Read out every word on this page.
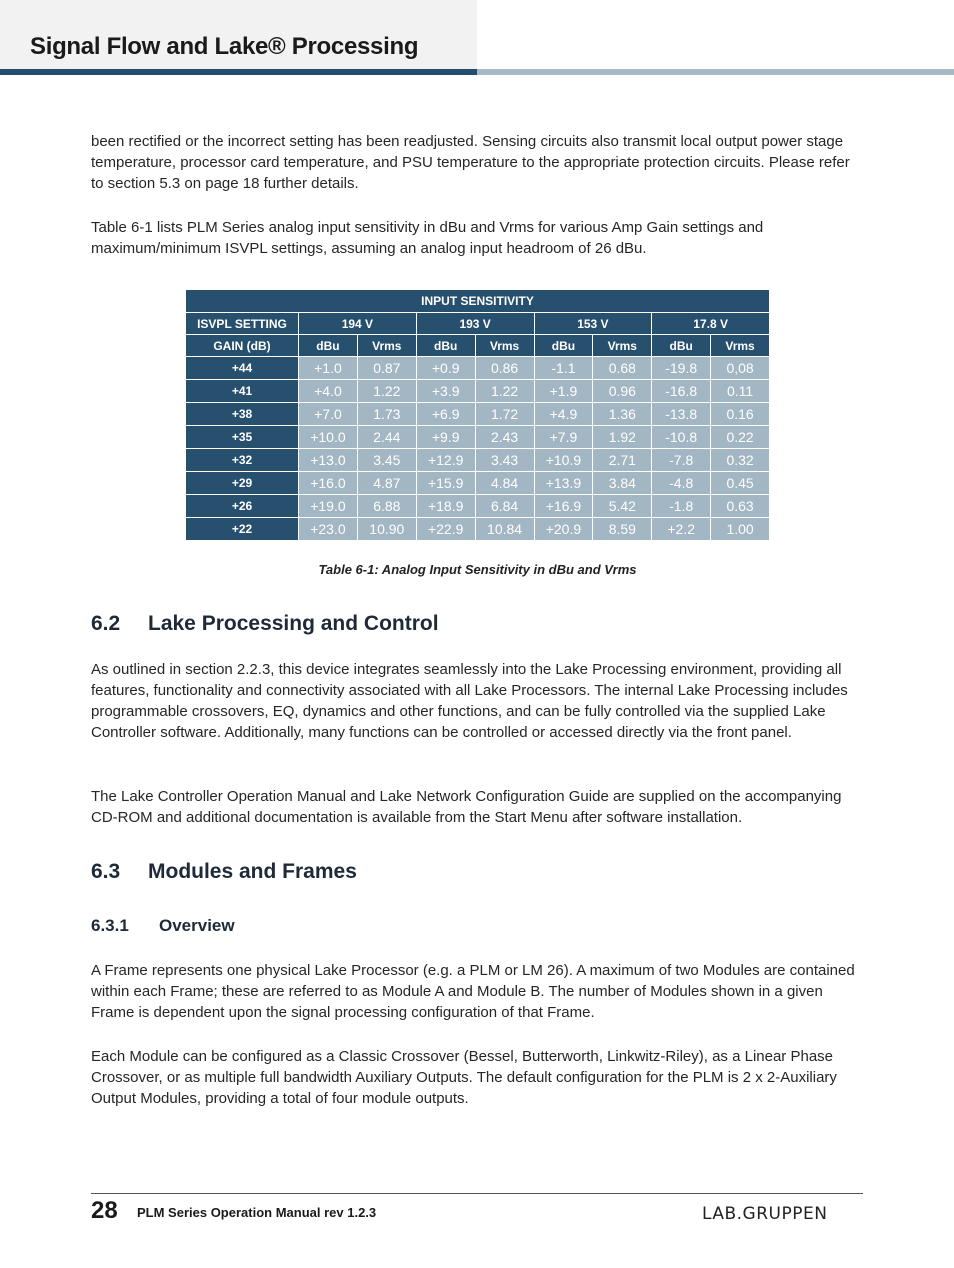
Signal Flow and Lake® Processing

been rectified or the incorrect setting has been readjusted. Sensing circuits also transmit local output power stage temperature, processor card temperature, and PSU temperature to the appropriate protection circuits. Please refer to section 5.3 on page 18 further details.

Table 6-1 lists PLM Series analog input sensitivity in dBu and Vrms for various Amp Gain settings and maximum/minimum ISVPL settings, assuming an analog input headroom of 26 dBu.

INPUT SENSITIVITY								
ISVPL SETTING	194 V		193 V		153 V		17.8 V	
GAIN (dB)	dBu	Vrms	dBu	Vrms	dBu	Vrms	dBu	Vrms
+44	+1.0	0.87	+0.9	0.86	-1.1	0.68	-19.8	0,08
+41	+4.0	1.22	+3.9	1.22	+1.9	0.96	-16.8	0.11
+38	+7.0	1.73	+6.9	1.72	+4.9	1.36	-13.8	0.16
+35	+10.0	2.44	+9.9	2.43	+7.9	1.92	-10.8	0.22
+32	+13.0	3.45	+12.9	3.43	+10.9	2.71	-7.8	0.32
+29	+16.0	4.87	+15.9	4.84	+13.9	3.84	-4.8	0.45
+26	+19.0	6.88	+18.9	6.84	+16.9	5.42	-1.8	0.63
+22	+23.0	10.90	+22.9	10.84	+20.9	8.59	+2.2	1.00

Table 6-1: Analog Input Sensitivity in dBu and Vrms

6.2 Lake Processing and Control

As outlined in section 2.2.3, this device integrates seamlessly into the Lake Processing environment, providing all features, functionality and connectivity associated with all Lake Processors. The internal Lake Processing includes programmable crossovers, EQ, dynamics and other functions, and can be fully controlled via the supplied Lake Controller software. Additionally, many functions can be controlled or accessed directly via the front panel.

The Lake Controller Operation Manual and Lake Network Configuration Guide are supplied on the accompanying CD-ROM and additional documentation is available from the Start Menu after software installation.

6.3 Modules and Frames
6.3.1 Overview

A Frame represents one physical Lake Processor (e.g. a PLM or LM 26). A maximum of two Modules are contained within each Frame; these are referred to as Module A and Module B. The number of Modules shown in a given Frame is dependent upon the signal processing configuration of that Frame.

Each Module can be configured as a Classic Crossover (Bessel, Butterworth, Linkwitz-Riley), as a Linear Phase Crossover, or as multiple full bandwidth Auxiliary Outputs. The default configuration for the PLM is 2 x 2-Auxiliary Output Modules, providing a total of four module outputs.

28 PLM Series Operation Manual rev 1.2.3	LAB.GRUPPEN
